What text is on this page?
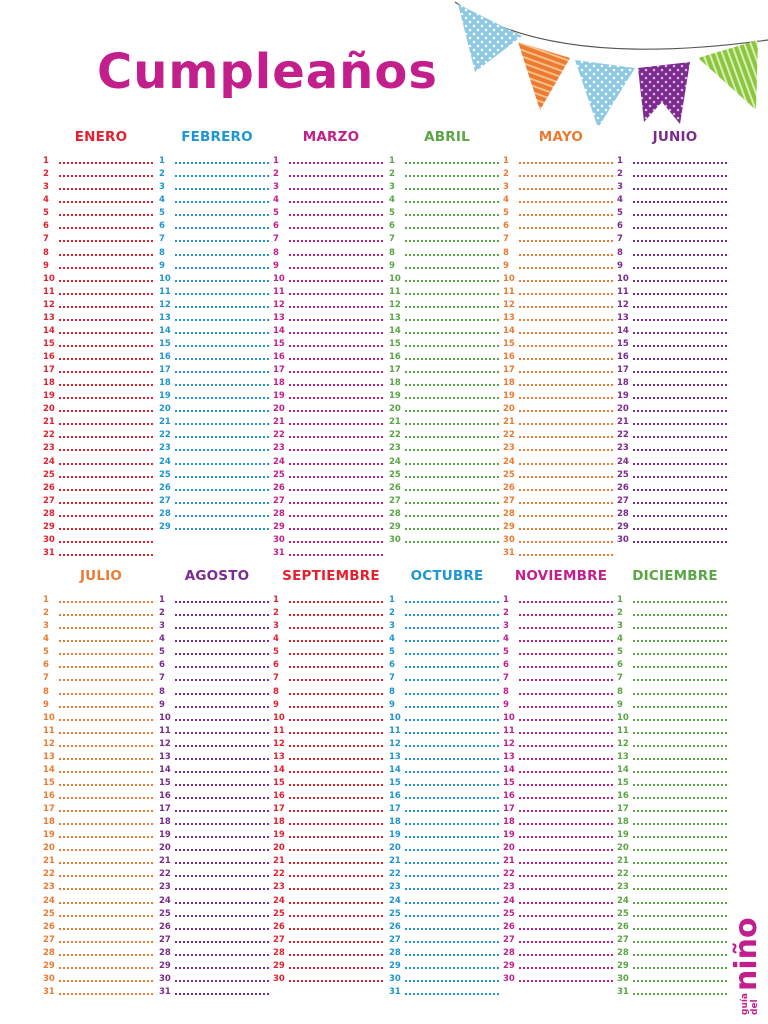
Cumpleaños
ENERO
1
2
3
4
5
6
7
8
9
10
11
12
13
14
15
16
17
18
19
20
21
22
23
24
25
26
27
28
29
30
31
FEBRERO
1
2
3
4
5
6
7
8
9
10
11
12
13
14
15
16
17
18
19
20
21
22
23
24
25
26
27
28
29
MARZO
1
2
3
4
5
6
7
8
9
10
11
12
13
14
15
16
17
18
19
20
21
22
23
24
25
26
27
28
29
30
31
ABRIL
1
2
3
4
5
6
7
8
9
10
11
12
13
14
15
16
17
18
19
20
21
22
23
24
25
26
27
28
29
30
MAYO
1
2
3
4
5
6
7
8
9
10
11
12
13
14
15
16
17
18
19
20
21
22
23
24
25
26
27
28
29
30
31
JUNIO
1
2
3
4
5
6
7
8
9
10
11
12
13
14
15
16
17
18
19
20
21
22
23
24
25
26
27
28
29
30
JULIO
1
2
3
4
5
6
7
8
9
10
11
12
13
14
15
16
17
18
19
20
21
22
23
24
25
26
27
28
29
30
31
AGOSTO
1
2
3
4
5
6
7
8
9
10
11
12
13
14
15
16
17
18
19
20
21
22
23
24
25
26
27
28
29
30
31
SEPTIEMBRE
1
2
3
4
5
6
7
8
9
10
11
12
13
14
15
16
17
18
19
20
21
22
23
24
25
26
27
28
29
30
OCTUBRE
1
2
3
4
5
6
7
8
9
10
11
12
13
14
15
16
17
18
19
20
21
22
23
24
25
26
27
28
29
30
31
NOVIEMBRE
1
2
3
4
5
6
7
8
9
10
11
12
13
14
15
16
17
18
19
20
21
22
23
24
25
26
27
28
29
30
DICIEMBRE
1
2
3
4
5
6
7
8
9
10
11
12
13
14
15
16
17
18
19
20
21
22
23
24
25
26
27
28
29
30
31
guía del
niño
